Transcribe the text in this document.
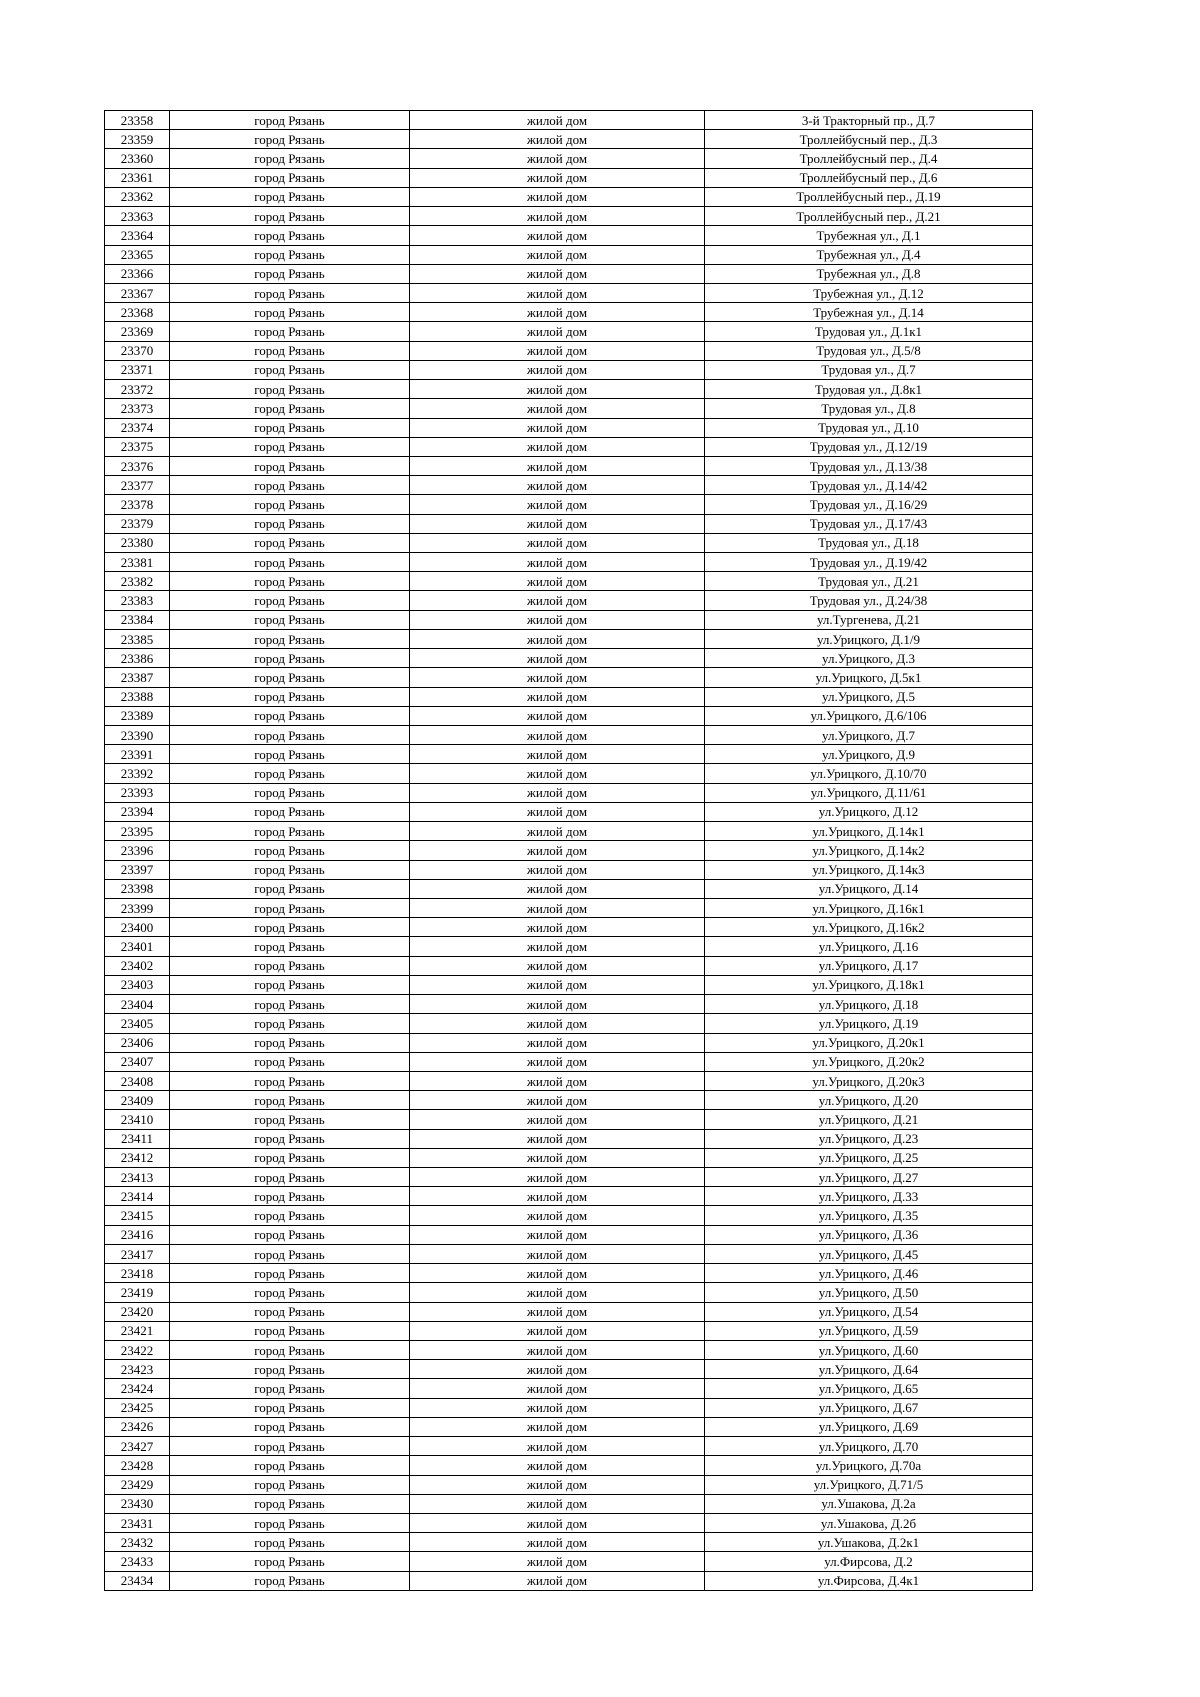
23358	город Рязань	жилой дом	3-й Тракторный пр., Д.7
23359	город Рязань	жилой дом	Троллейбусный пер., Д.3
23360	город Рязань	жилой дом	Троллейбусный пер., Д.4
23361	город Рязань	жилой дом	Троллейбусный пер., Д.6
23362	город Рязань	жилой дом	Троллейбусный пер., Д.19
23363	город Рязань	жилой дом	Троллейбусный пер., Д.21
23364	город Рязань	жилой дом	Трубежная ул., Д.1
23365	город Рязань	жилой дом	Трубежная ул., Д.4
23366	город Рязань	жилой дом	Трубежная ул., Д.8
23367	город Рязань	жилой дом	Трубежная ул., Д.12
23368	город Рязань	жилой дом	Трубежная ул., Д.14
23369	город Рязань	жилой дом	Трудовая ул., Д.1к1
23370	город Рязань	жилой дом	Трудовая ул., Д.5/8
23371	город Рязань	жилой дом	Трудовая ул., Д.7
23372	город Рязань	жилой дом	Трудовая ул., Д.8к1
23373	город Рязань	жилой дом	Трудовая ул., Д.8
23374	город Рязань	жилой дом	Трудовая ул., Д.10
23375	город Рязань	жилой дом	Трудовая ул., Д.12/19
23376	город Рязань	жилой дом	Трудовая ул., Д.13/38
23377	город Рязань	жилой дом	Трудовая ул., Д.14/42
23378	город Рязань	жилой дом	Трудовая ул., Д.16/29
23379	город Рязань	жилой дом	Трудовая ул., Д.17/43
23380	город Рязань	жилой дом	Трудовая ул., Д.18
23381	город Рязань	жилой дом	Трудовая ул., Д.19/42
23382	город Рязань	жилой дом	Трудовая ул., Д.21
23383	город Рязань	жилой дом	Трудовая ул., Д.24/38
23384	город Рязань	жилой дом	ул.Тургенева, Д.21
23385	город Рязань	жилой дом	ул.Урицкого, Д.1/9
23386	город Рязань	жилой дом	ул.Урицкого, Д.3
23387	город Рязань	жилой дом	ул.Урицкого, Д.5к1
23388	город Рязань	жилой дом	ул.Урицкого, Д.5
23389	город Рязань	жилой дом	ул.Урицкого, Д.6/106
23390	город Рязань	жилой дом	ул.Урицкого, Д.7
23391	город Рязань	жилой дом	ул.Урицкого, Д.9
23392	город Рязань	жилой дом	ул.Урицкого, Д.10/70
23393	город Рязань	жилой дом	ул.Урицкого, Д.11/61
23394	город Рязань	жилой дом	ул.Урицкого, Д.12
23395	город Рязань	жилой дом	ул.Урицкого, Д.14к1
23396	город Рязань	жилой дом	ул.Урицкого, Д.14к2
23397	город Рязань	жилой дом	ул.Урицкого, Д.14к3
23398	город Рязань	жилой дом	ул.Урицкого, Д.14
23399	город Рязань	жилой дом	ул.Урицкого, Д.16к1
23400	город Рязань	жилой дом	ул.Урицкого, Д.16к2
23401	город Рязань	жилой дом	ул.Урицкого, Д.16
23402	город Рязань	жилой дом	ул.Урицкого, Д.17
23403	город Рязань	жилой дом	ул.Урицкого, Д.18к1
23404	город Рязань	жилой дом	ул.Урицкого, Д.18
23405	город Рязань	жилой дом	ул.Урицкого, Д.19
23406	город Рязань	жилой дом	ул.Урицкого, Д.20к1
23407	город Рязань	жилой дом	ул.Урицкого, Д.20к2
23408	город Рязань	жилой дом	ул.Урицкого, Д.20к3
23409	город Рязань	жилой дом	ул.Урицкого, Д.20
23410	город Рязань	жилой дом	ул.Урицкого, Д.21
23411	город Рязань	жилой дом	ул.Урицкого, Д.23
23412	город Рязань	жилой дом	ул.Урицкого, Д.25
23413	город Рязань	жилой дом	ул.Урицкого, Д.27
23414	город Рязань	жилой дом	ул.Урицкого, Д.33
23415	город Рязань	жилой дом	ул.Урицкого, Д.35
23416	город Рязань	жилой дом	ул.Урицкого, Д.36
23417	город Рязань	жилой дом	ул.Урицкого, Д.45
23418	город Рязань	жилой дом	ул.Урицкого, Д.46
23419	город Рязань	жилой дом	ул.Урицкого, Д.50
23420	город Рязань	жилой дом	ул.Урицкого, Д.54
23421	город Рязань	жилой дом	ул.Урицкого, Д.59
23422	город Рязань	жилой дом	ул.Урицкого, Д.60
23423	город Рязань	жилой дом	ул.Урицкого, Д.64
23424	город Рязань	жилой дом	ул.Урицкого, Д.65
23425	город Рязань	жилой дом	ул.Урицкого, Д.67
23426	город Рязань	жилой дом	ул.Урицкого, Д.69
23427	город Рязань	жилой дом	ул.Урицкого, Д.70
23428	город Рязань	жилой дом	ул.Урицкого, Д.70а
23429	город Рязань	жилой дом	ул.Урицкого, Д.71/5
23430	город Рязань	жилой дом	ул.Ушакова, Д.2а
23431	город Рязань	жилой дом	ул.Ушакова, Д.2б
23432	город Рязань	жилой дом	ул.Ушакова, Д.2к1
23433	город Рязань	жилой дом	ул.Фирсова, Д.2
23434	город Рязань	жилой дом	ул.Фирсова, Д.4к1
